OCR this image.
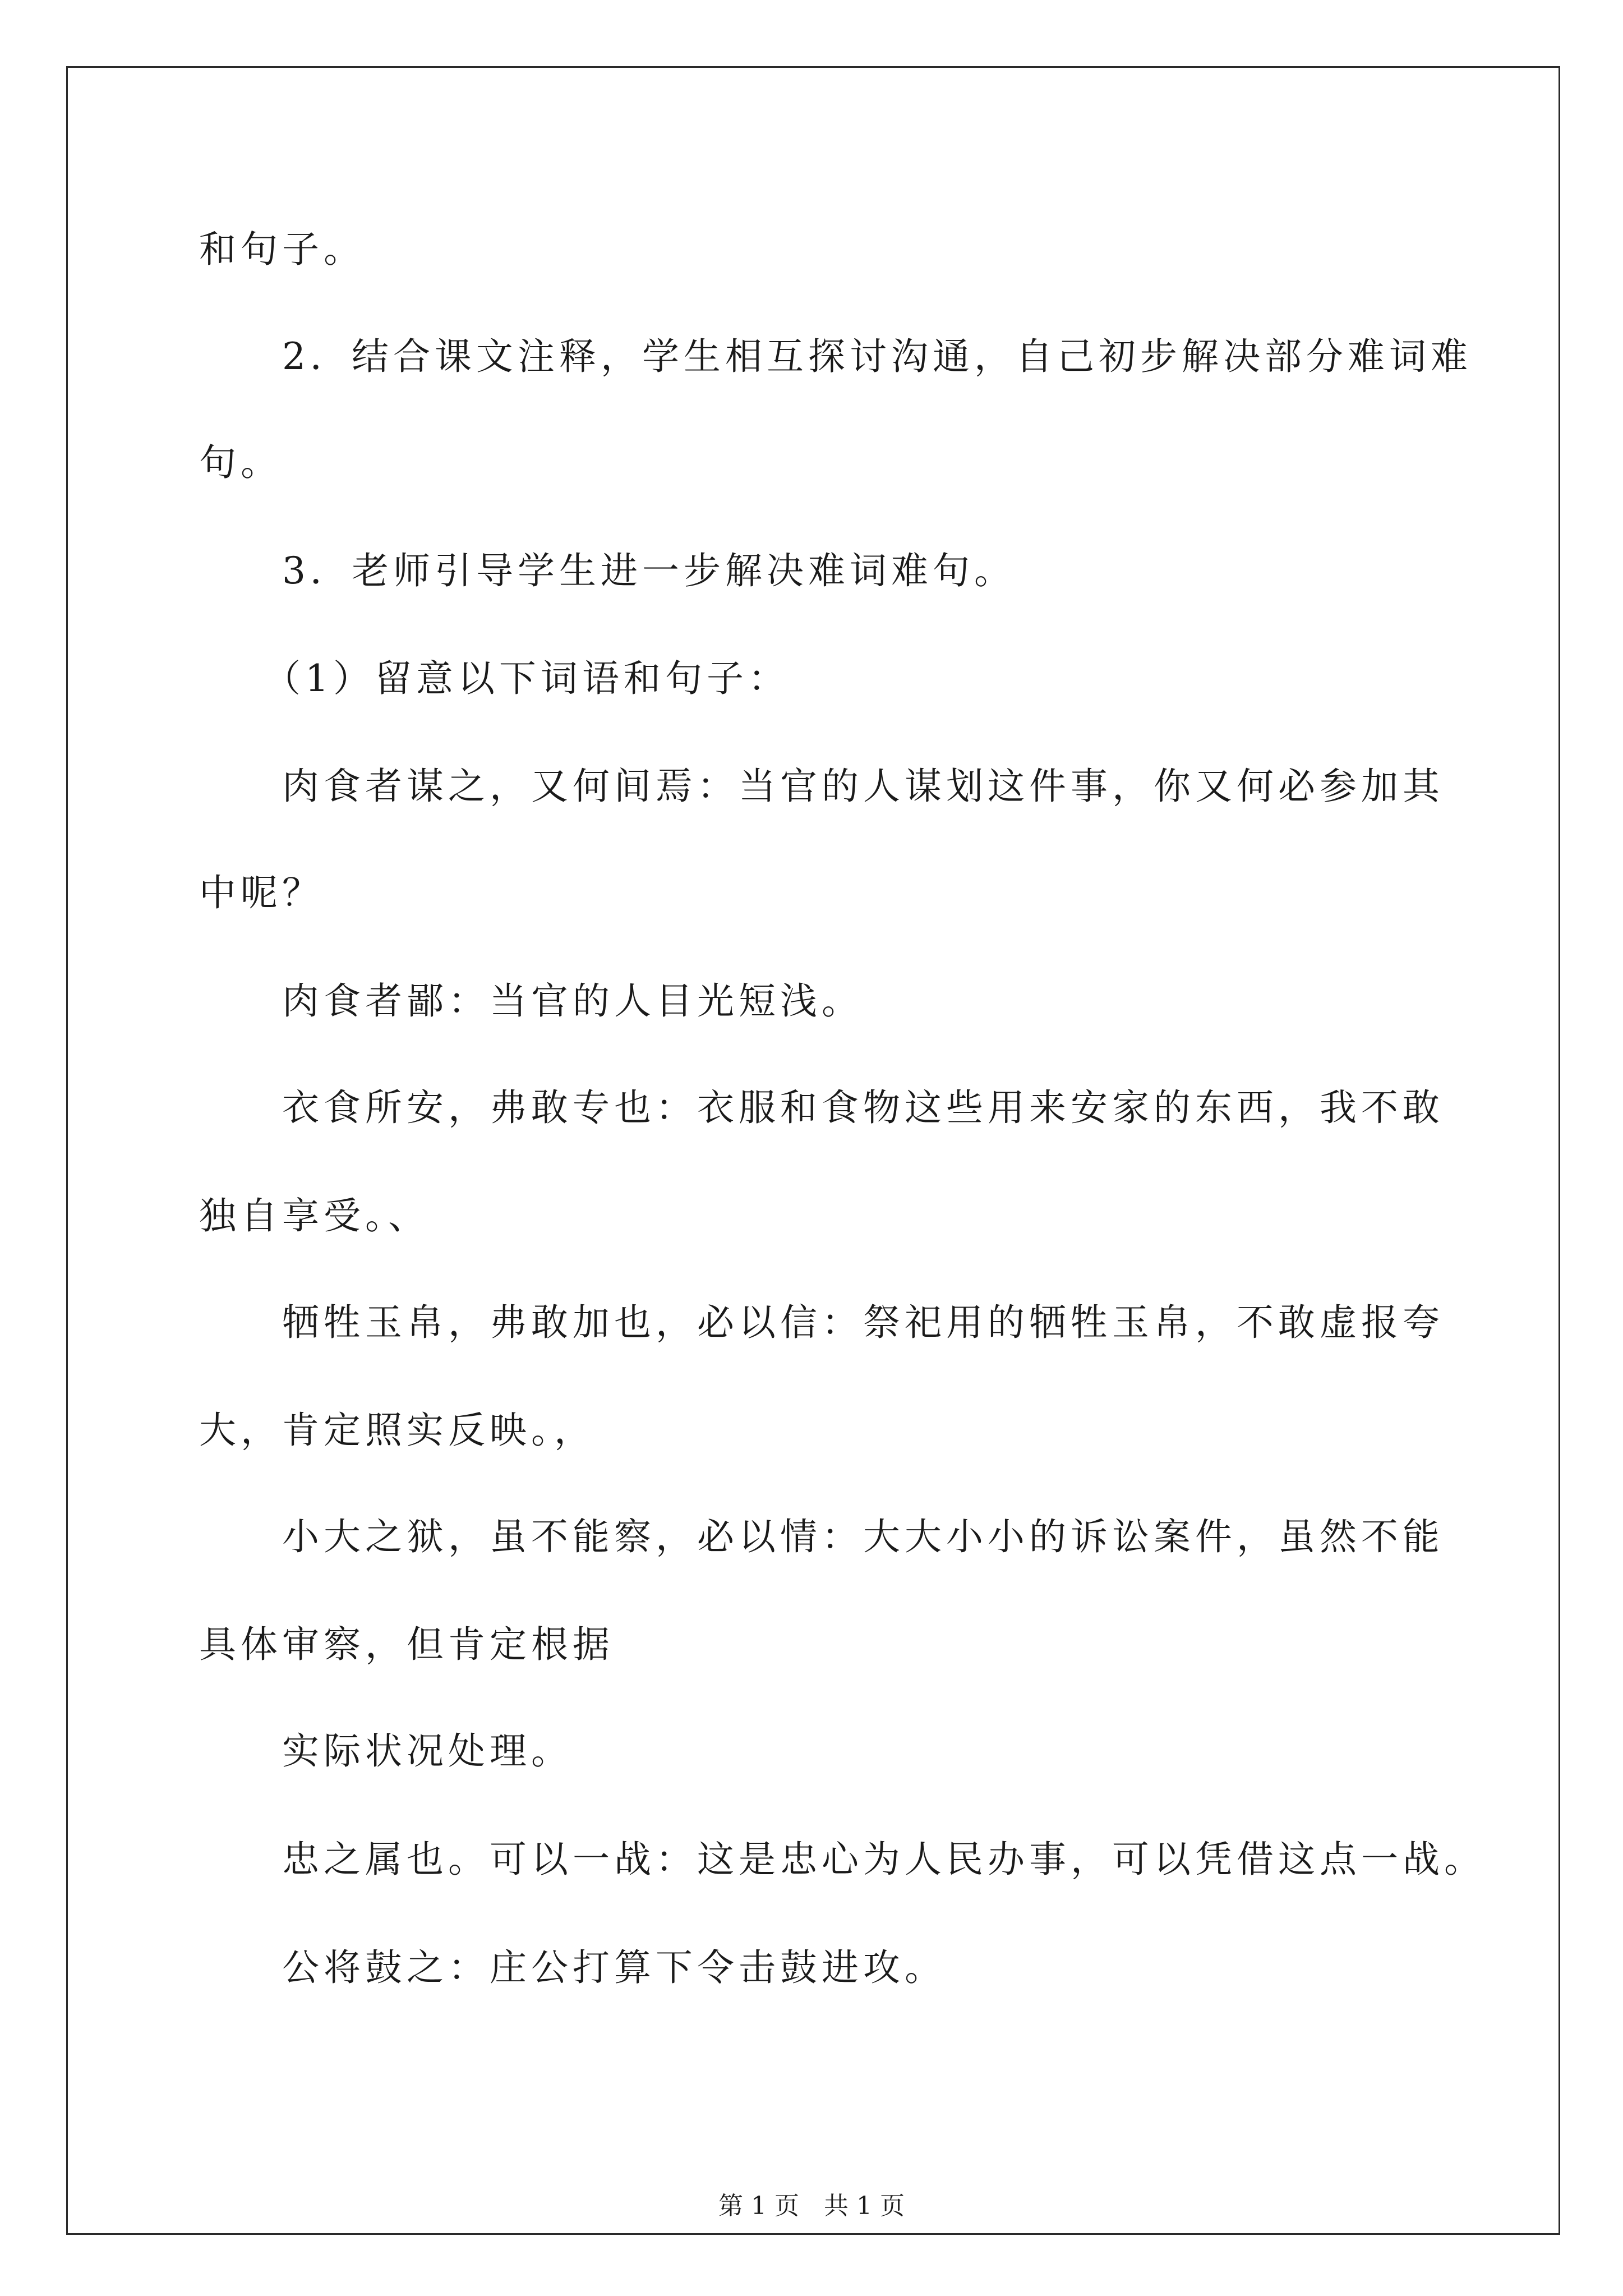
和句子。
　　2．结合课文注释，学生相互探讨沟通，自己初步解决部分难词难
句。
　　3．老师引导学生进一步解决难词难句。
　　（1）留意以下词语和句子：
　　肉食者谋之，又何间焉：当官的人谋划这件事，你又何必参加其
中呢？
　　肉食者鄙：当官的人目光短浅。
　　衣食所安，弗敢专也：衣服和食物这些用来安家的东西，我不敢
独自享受。、
　　牺牲玉帛，弗敢加也，必以信：祭祀用的牺牲玉帛，不敢虚报夸
大，肯定照实反映。，
　　小大之狱，虽不能察，必以情：大大小小的诉讼案件，虽然不能
具体审察，但肯定根据
　　实际状况处理。
　　忠之属也。可以一战：这是忠心为人民办事，可以凭借这点一战。
　　公将鼓之：庄公打算下令击鼓进攻。
第 1 页　共 1 页
